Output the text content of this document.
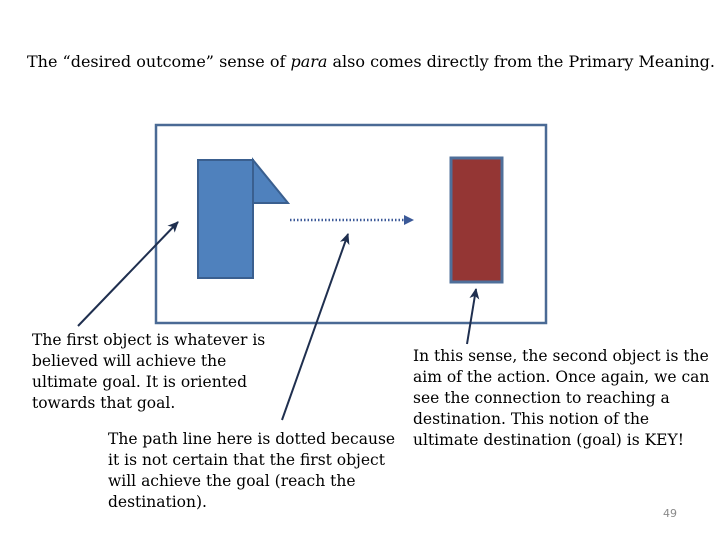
The “desired outcome” sense of para also comes directly from the Primary Meaning.
The first object is whatever is believed will achieve the ultimate goal. It is oriented towards that goal.
The path line here is dotted because it is not certain that the first object will achieve the goal (reach the destination).
In this sense, the second object is the aim of the action. Once again, we can see the connection to reaching a destination. This notion of the ultimate destination (goal) is KEY!
49
